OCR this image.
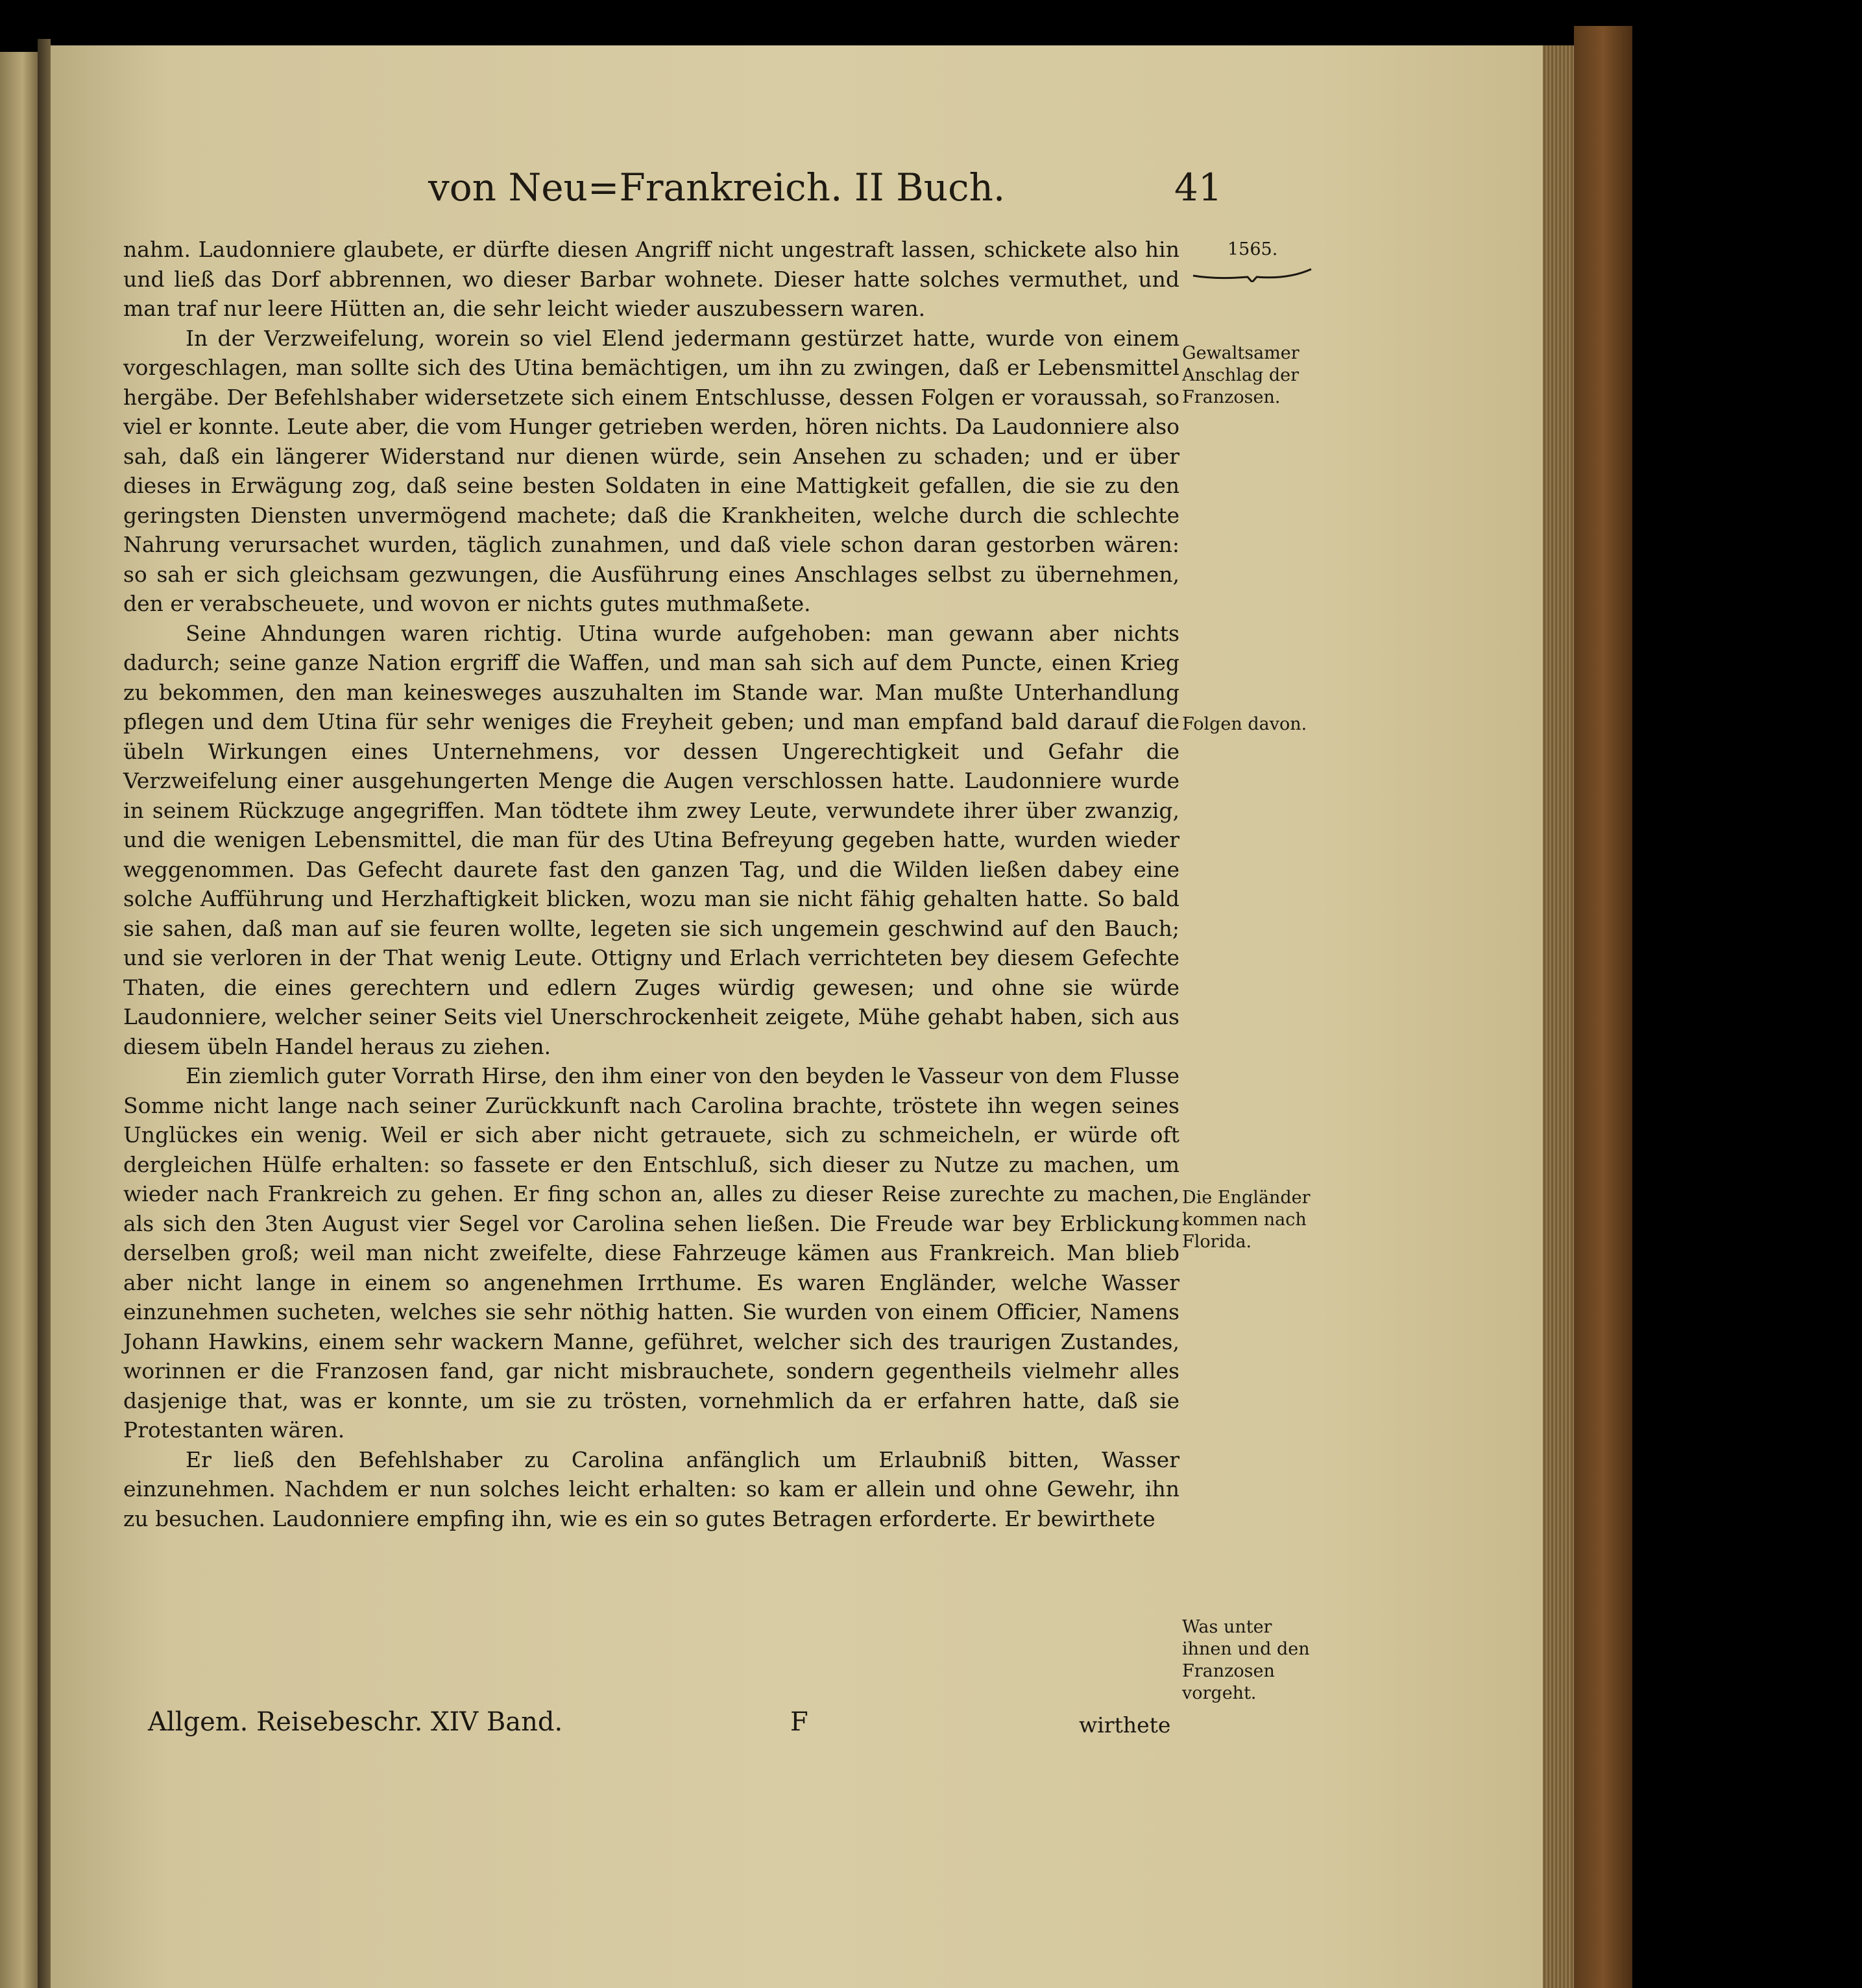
von Neu=Frankreich. II Buch.	41

nahm. Laudonniere glaubete, er dürfte diesen Angriff nicht ungestraft lassen, schickete also hin und ließ das Dorf abbrennen, wo dieser Barbar wohnete. Dieser hatte solches vermuthet, und man traf nur leere Hütten an, die sehr leicht wieder auszubessern waren.

In der Verzweifelung, worein so viel Elend jedermann gestürzet hatte, wurde von einem vorgeschlagen, man sollte sich des Utina bemächtigen, um ihn zu zwingen, daß er Lebensmittel hergäbe. Der Befehlshaber widersetzete sich einem Entschlusse, dessen Folgen er voraussah, so viel er konnte. Leute aber, die vom Hunger getrieben werden, hören nichts. Da Laudonniere also sah, daß ein längerer Widerstand nur dienen würde, sein Ansehen zu schaden; und er über dieses in Erwägung zog, daß seine besten Soldaten in eine Mattigkeit gefallen, die sie zu den geringsten Diensten unvermögend machete; daß die Krankheiten, welche durch die schlechte Nahrung verursachet wurden, täglich zunahmen, und daß viele schon daran gestorben wären: so sah er sich gleichsam gezwungen, die Ausführung eines Anschlages selbst zu übernehmen, den er verabscheuete, und wovon er nichts gutes muthmaßete.

Seine Ahndungen waren richtig. Utina wurde aufgehoben: man gewann aber nichts dadurch; seine ganze Nation ergriff die Waffen, und man sah sich auf dem Puncte, einen Krieg zu bekommen, den man keinesweges auszuhalten im Stande war. Man mußte Unterhandlung pflegen und dem Utina für sehr weniges die Freyheit geben; und man empfand bald darauf die übeln Wirkungen eines Unternehmens, vor dessen Ungerechtigkeit und Gefahr die Verzweifelung einer ausgehungerten Menge die Augen verschlossen hatte. Laudonniere wurde in seinem Rückzuge angegriffen. Man tödtete ihm zwey Leute, verwundete ihrer über zwanzig, und die wenigen Lebensmittel, die man für des Utina Befreyung gegeben hatte, wurden wieder weggenommen. Das Gefecht daurete fast den ganzen Tag, und die Wilden ließen dabey eine solche Aufführung und Herzhaftigkeit blicken, wozu man sie nicht fähig gehalten hatte. So bald sie sahen, daß man auf sie feuren wollte, legeten sie sich ungemein geschwind auf den Bauch; und sie verloren in der That wenig Leute. Ottigny und Erlach verrichteten bey diesem Gefechte Thaten, die eines gerechtern und edlern Zuges würdig gewesen; und ohne sie würde Laudonniere, welcher seiner Seits viel Unerschrockenheit zeigete, Mühe gehabt haben, sich aus diesem übeln Handel heraus zu ziehen.

Ein ziemlich guter Vorrath Hirse, den ihm einer von den beyden le Vasseur von dem Flusse Somme nicht lange nach seiner Zurückkunft nach Carolina brachte, tröstete ihn wegen seines Unglückes ein wenig. Weil er sich aber nicht getrauete, sich zu schmeicheln, er würde oft dergleichen Hülfe erhalten: so fassete er den Entschluß, sich dieser zu Nutze zu machen, um wieder nach Frankreich zu gehen. Er fing schon an, alles zu dieser Reise zurechte zu machen, als sich den 3ten August vier Segel vor Carolina sehen ließen. Die Freude war bey Erblickung derselben groß; weil man nicht zweifelte, diese Fahrzeuge kämen aus Frankreich. Man blieb aber nicht lange in einem so angenehmen Irrthume. Es waren Engländer, welche Wasser einzunehmen sucheten, welches sie sehr nöthig hatten. Sie wurden von einem Officier, Namens Johann Hawkins, einem sehr wackern Manne, geführet, welcher sich des traurigen Zustandes, worinnen er die Franzosen fand, gar nicht misbrauchete, sondern gegentheils vielmehr alles dasjenige that, was er konnte, um sie zu trösten, vornehmlich da er erfahren hatte, daß sie Protestanten wären.

Er ließ den Befehlshaber zu Carolina anfänglich um Erlaubniß bitten, Wasser einzunehmen. Nachdem er nun solches leicht erhalten: so kam er allein und ohne Gewehr, ihn zu besuchen. Laudonniere empfing ihn, wie es ein so gutes Betragen erforderte. Er bewirthete

1565.
Gewaltsamer Anschlag der Franzosen.
Folgen davon.
Die Engländer kommen nach Florida.
Was unter ihnen und den Franzosen vorgeht.
Allgem. Reisebeschr. XIV Band.	F	wirthete
